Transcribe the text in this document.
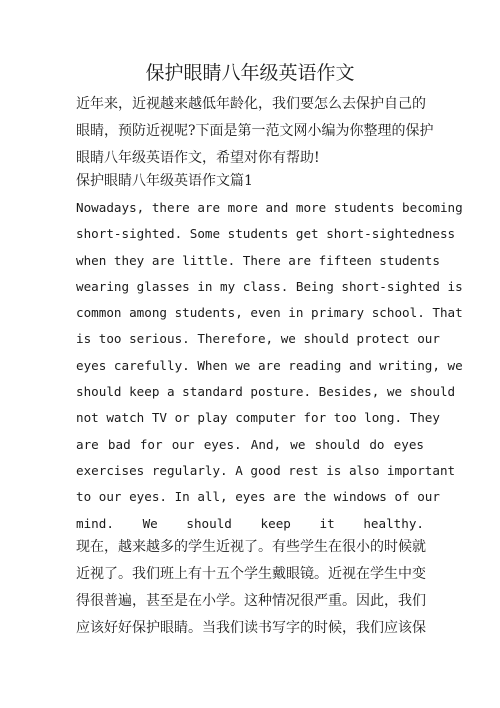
保护眼睛八年级英语作文
近年来，近视越来越低年龄化，我们要怎么去保护自己的
眼睛，预防近视呢?下面是第一范文网小编为你整理的保护
眼睛八年级英语作文，希望对你有帮助!
保护眼睛八年级英语作文篇1
Nowadays, there are more and more students becoming
short-sighted. Some students get short-sightedness
when they are little. There are fifteen students
wearing glasses in my class. Being short-sighted is
common among students, even in primary school. That
is too serious. Therefore, we should protect our
eyes carefully. When we are reading and writing, we
should keep a standard posture. Besides, we should
not watch TV or play computer for too long. They
are bad for our eyes. And, we should do eyes
exercises regularly. A good rest is also important
to our eyes. In all, eyes are the windows of our
mind. We should keep it healthy.
现在，越来越多的学生近视了。有些学生在很小的时候就
近视了。我们班上有十五个学生戴眼镜。近视在学生中变
得很普遍，甚至是在小学。这种情况很严重。因此，我们
应该好好保护眼睛。当我们读书写字的时候，我们应该保
